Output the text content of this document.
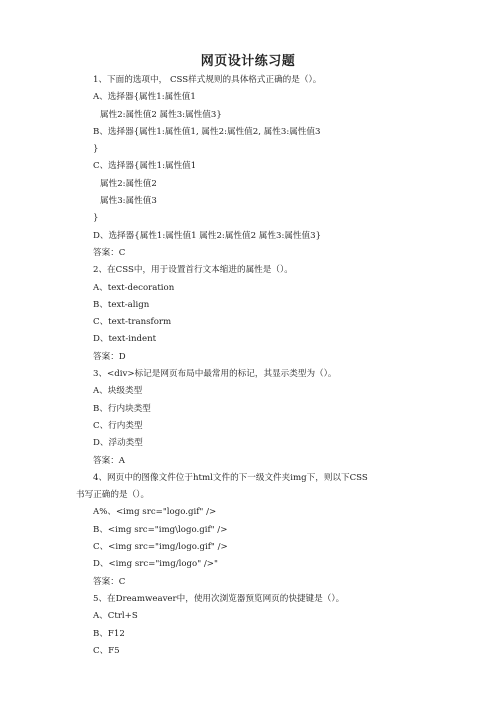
网页设计练习题
1、下面的选项中， CSS样式规则的具体格式正确的是（）。
A、选择器{属性1:属性值1
属性2:属性值2 属性3:属性值3}
B、选择器{属性1:属性值1, 属性2:属性值2, 属性3:属性值3
}
C、选择器{属性1:属性值1
属性2:属性值2
属性3:属性值3
}
D、选择器{属性1:属性值1 属性2:属性值2 属性3:属性值3}
答案：C
2、在CSS中，用于设置首行文本缩进的属性是（）。
A、text-decoration
B、text-align
C、text-transform
D、text-indent
答案：D
3、<div>标记是网页布局中最常用的标记，其显示类型为（）。
A、块级类型
B、行内块类型
C、行内类型
D、浮动类型
答案：A
4、网页中的图像文件位于html文件的下一级文件夹img下，则以下CSS
书写正确的是（）。
A%、<img src="logo.gif" />
B、<img src="img\logo.gif" />
C、<img src="img/logo.gif" />
D、<img src="img/logo" />"
答案：C
5、在Dreamweaver中，使用次浏览器预览网页的快捷键是（）。
A、Ctrl+S
B、F12
C、F5
